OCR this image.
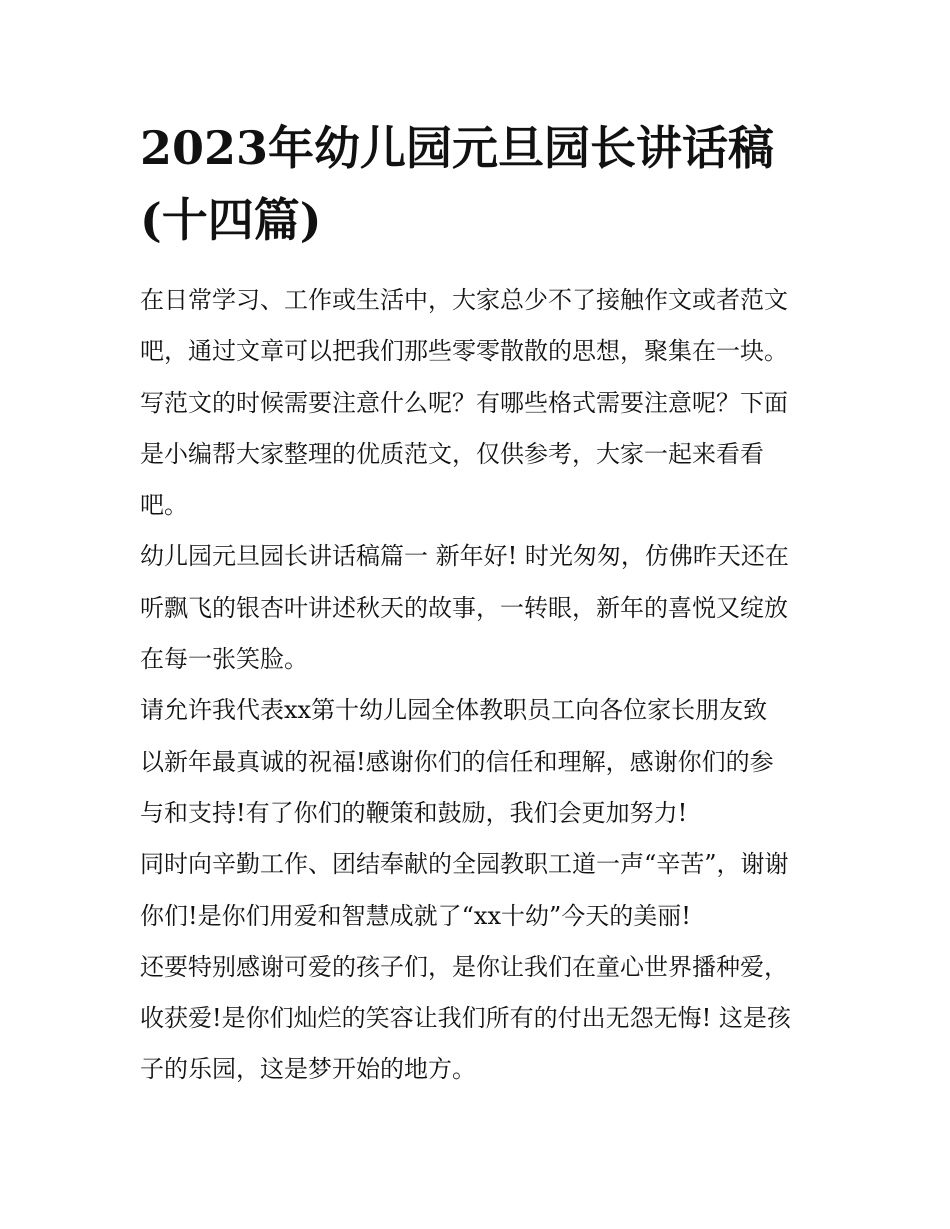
2023年幼儿园元旦园长讲话稿
(十四篇)
在日常学习、工作或生活中，大家总少不了接触作文或者范文
吧，通过文章可以把我们那些零零散散的思想，聚集在一块。
写范文的时候需要注意什么呢？有哪些格式需要注意呢？下面
是小编帮大家整理的优质范文，仅供参考，大家一起来看看
吧。
幼儿园元旦园长讲话稿篇一 新年好! 时光匆匆，仿佛昨天还在
听飘飞的银杏叶讲述秋天的故事，一转眼，新年的喜悦又绽放
在每一张笑脸。
请允许我代表xx第十幼儿园全体教职员工向各位家长朋友致
以新年最真诚的祝福!感谢你们的信任和理解，感谢你们的参
与和支持!有了你们的鞭策和鼓励，我们会更加努力!
同时向辛勤工作、团结奉献的全园教职工道一声“辛苦”，谢谢
你们!是你们用爱和智慧成就了“xx十幼”今天的美丽!
还要特别感谢可爱的孩子们，是你让我们在童心世界播种爱，
收获爱!是你们灿烂的笑容让我们所有的付出无怨无悔! 这是孩
子的乐园，这是梦开始的地方。
